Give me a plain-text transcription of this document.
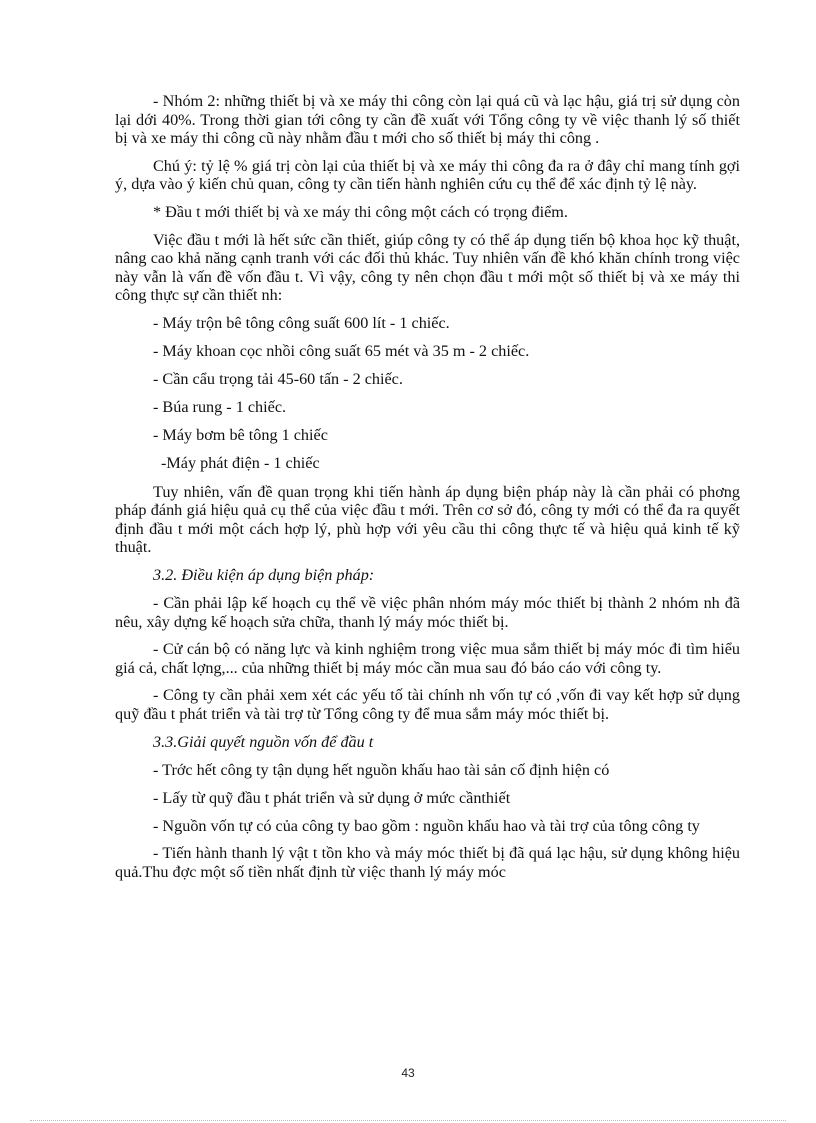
- Nhóm 2: những thiết bị và xe máy thi công còn lại quá cũ và lạc hậu, giá trị sử dụng còn lại dới 40%. Trong thời gian tới công ty cần đề xuất với Tổng công ty về việc thanh lý số thiết bị và xe máy thi công cũ này nhằm đầu t mới cho số thiết bị máy thi công .

Chú ý: tỷ lệ % giá trị còn lại của thiết bị và xe máy thi công đa ra ở đây chỉ mang tính gợi ý, dựa vào ý kiến chủ quan, công ty cần tiến hành nghiên cứu cụ thể để xác định tỷ lệ này.

* Đầu t mới thiết bị và xe máy thi công một cách có trọng điểm.

Việc đầu t mới là hết sức cần thiết, giúp công ty có thể áp dụng tiến bộ khoa học kỹ thuật, nâng cao khả năng cạnh tranh với các đối thủ khác. Tuy nhiên vấn đề khó khăn chính trong việc này vẫn là vấn đề vốn đầu t. Vì vậy, công ty nên chọn đầu t mới một số thiết bị và xe máy thi công thực sự cần thiết nh:

- Máy trộn bê tông công suất 600 lít - 1 chiếc.

- Máy khoan cọc nhồi công suất 65 mét và 35 m - 2 chiếc.

- Cần cẩu trọng tải 45-60 tấn - 2 chiếc.

- Búa rung - 1 chiếc.

- Máy bơm bê tông 1 chiếc

-Máy phát điện - 1 chiếc

Tuy nhiên, vấn đề quan trọng khi tiến hành áp dụng biện pháp này là cần phải có phơng pháp đánh giá hiệu quả cụ thể của việc đầu t mới. Trên cơ sở đó, công ty mới có thể đa ra quyết định đầu t mới một cách hợp lý, phù hợp với yêu cầu thi công thực tế và hiệu quả kinh tế kỹ thuật.

3.2. Điều kiện áp dụng biện pháp:

- Cần phải lập kế hoạch cụ thể về việc phân nhóm máy móc thiết bị thành 2 nhóm nh đã nêu, xây dựng kế hoạch sửa chữa, thanh lý máy móc thiết bị.

- Cử cán bộ có năng lực và kinh nghiệm trong việc mua sắm thiết bị máy móc đi tìm hiểu giá cả, chất lợng,... của những thiết bị máy móc cần mua sau đó báo cáo với công ty.

- Công ty cần phải xem xét các yếu tố tài chính nh vốn tự có ,vốn đi vay kết hợp sử dụng quỹ đầu t phát triển và tài trợ từ Tổng công ty để mua sắm máy móc thiết bị.

3.3.Giải quyết nguồn vốn để đầu t

- Trớc hết công ty tận dụng hết nguồn khấu hao tài sản cố định hiện có

- Lấy từ quỹ đầu t phát triển và sử dụng ở mức cầnthiết

- Nguồn vốn tự có của công ty bao gồm : nguồn khấu hao và tài trợ của tông công ty

- Tiến hành thanh lý vật t tồn kho và máy móc thiết bị đã quá lạc hậu, sử dụng không hiệu quả.Thu đợc một số tiền nhất định từ việc thanh lý máy móc

43
